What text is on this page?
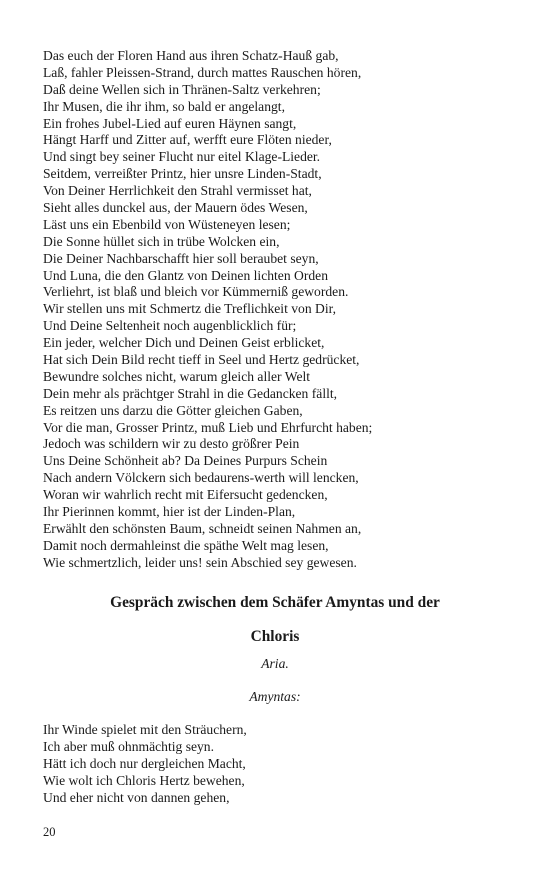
Das euch der Floren Hand aus ihren Schatz-Hauß gab,
Laß, fahler Pleissen-Strand, durch mattes Rauschen hören,
Daß deine Wellen sich in Thränen-Saltz verkehren;
Ihr Musen, die ihr ihm, so bald er angelangt,
Ein frohes Jubel-Lied auf euren Häynen sangt,
Hängt Harff und Zitter auf, werfft eure Flöten nieder,
Und singt bey seiner Flucht nur eitel Klage-Lieder.
Seitdem, verreißter Printz, hier unsre Linden-Stadt,
Von Deiner Herrlichkeit den Strahl vermisset hat,
Sieht alles dunckel aus, der Mauern ödes Wesen,
Läst uns ein Ebenbild von Wüsteneyen lesen;
Die Sonne hüllet sich in trübe Wolcken ein,
Die Deiner Nachbarschafft hier soll beraubet seyn,
Und Luna, die den Glantz von Deinen lichten Orden
Verliehrt, ist blaß und bleich vor Kümmerniß geworden.
Wir stellen uns mit Schmertz die Treflichkeit von Dir,
Und Deine Seltenheit noch augenblicklich für;
Ein jeder, welcher Dich und Deinen Geist erblicket,
Hat sich Dein Bild recht tieff in Seel und Hertz gedrücket,
Bewundre solches nicht, warum gleich aller Welt
Dein mehr als prächtger Strahl in die Gedancken fällt,
Es reitzen uns darzu die Götter gleichen Gaben,
Vor die man, Grosser Printz, muß Lieb und Ehrfurcht haben;
Jedoch was schildern wir zu desto größrer Pein
Uns Deine Schönheit ab? Da Deines Purpurs Schein
Nach andern Völckern sich bedaurens-werth will lencken,
Woran wir wahrlich recht mit Eifersucht gedencken,
Ihr Pierinnen kommt, hier ist der Linden-Plan,
Erwählt den schönsten Baum, schneidt seinen Nahmen an,
Damit noch dermahleinst die späthe Welt mag lesen,
Wie schmertzlich, leider uns! sein Abschied sey gewesen.
Gespräch zwischen dem Schäfer Amyntas und der
Chloris
Aria.
Amyntas:
Ihr Winde spielet mit den Sträuchern,
Ich aber muß ohnmächtig seyn.
Hätt ich doch nur dergleichen Macht,
Wie wolt ich Chloris Hertz bewehen,
Und eher nicht von dannen gehen,
20
